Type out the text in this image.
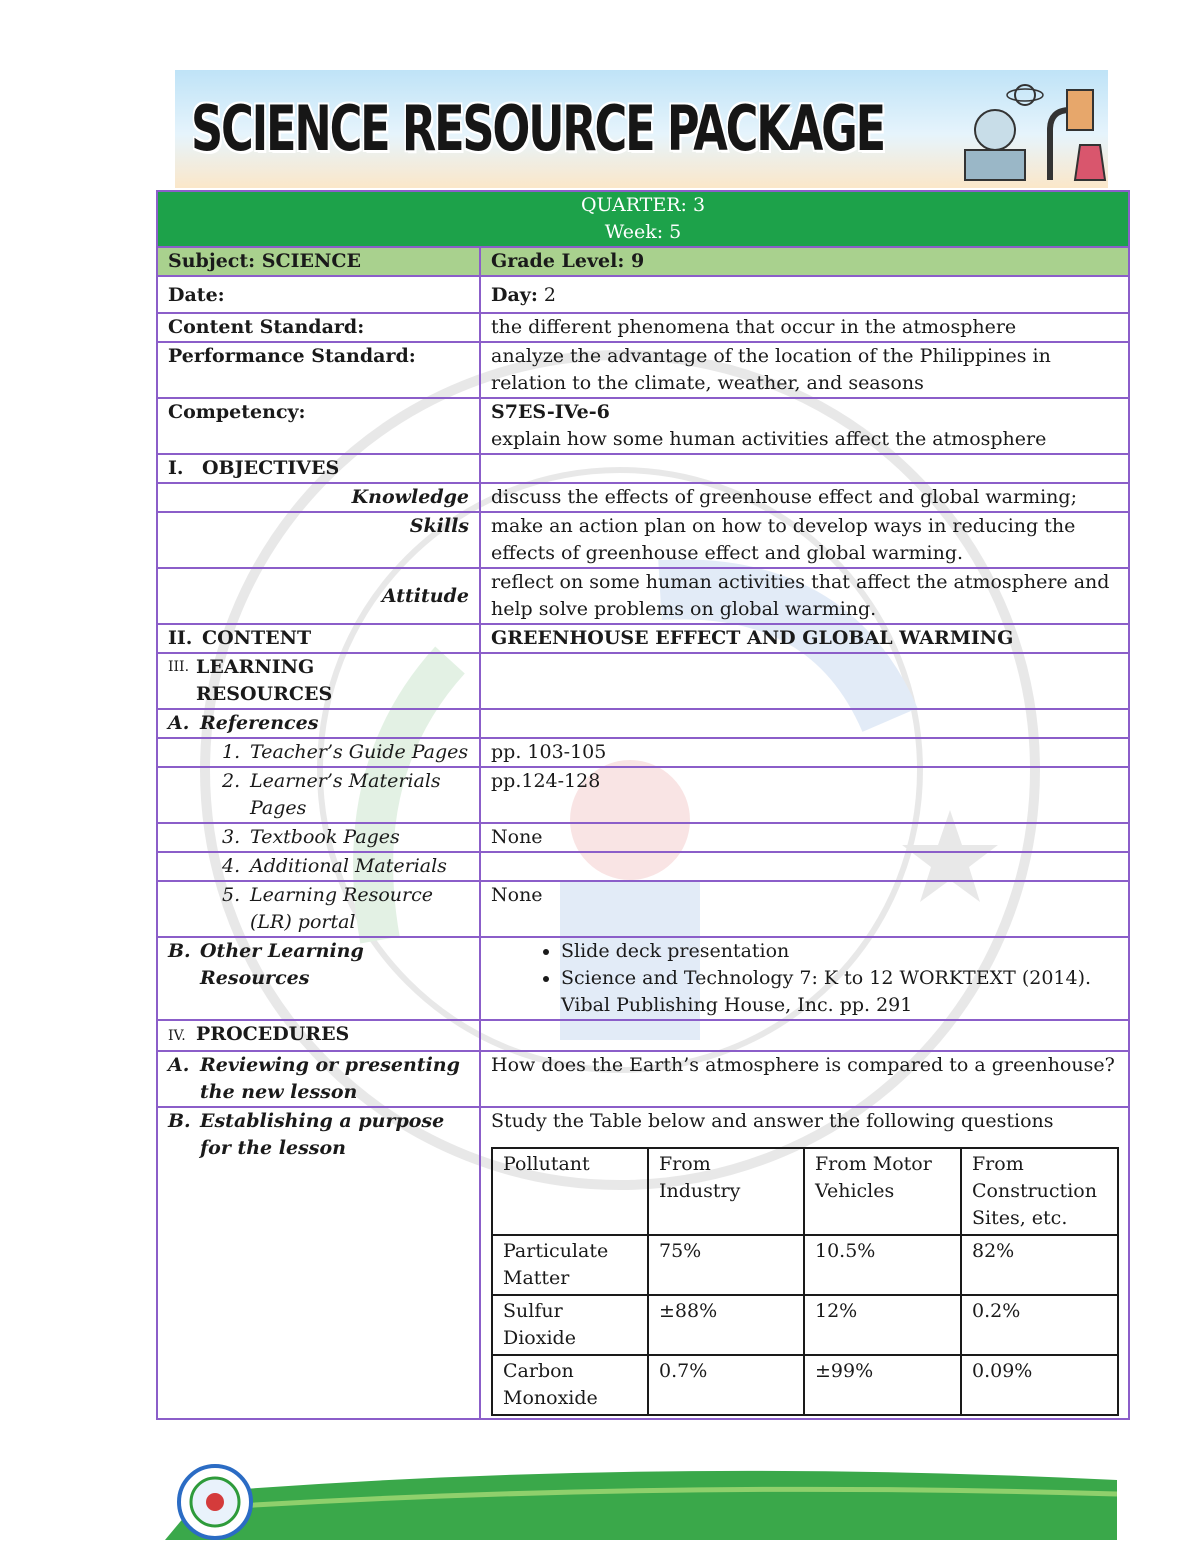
SCIENCE RESOURCE PACKAGE
QUARTER: 3
Week: 5

Subject: SCIENCE	Grade Level: 9
Date:	Day: 2
Content Standard:	the different phenomena that occur in the atmosphere
Performance Standard:	analyze the advantage of the location of the Philippines in relation to the climate, weather, and seasons
Competency:	S7ES-IVe-6
explain how some human activities affect the atmosphere

I. OBJECTIVES	
Knowledge	discuss the effects of greenhouse effect and global warming;
Skills	make an action plan on how to develop ways in reducing the effects of greenhouse effect and global warming.
Attitude	reflect on some human activities that affect the atmosphere and help solve problems on global warming.
II. CONTENT	GREENHOUSE EFFECT AND GLOBAL WARMING

III. LEARNING RESOURCES

A. References	
1. Teacher’s Guide Pages	pp. 103-105
2. Learner’s Materials Pages	pp.124-128
3. Textbook Pages	None
4. Additional Materials	
5. Learning Resource (LR) portal	None
B. Other Learning Resources	
• Slide deck presentation
• Science and Technology 7: K to 12 WORKTEXT (2014). Vibal Publishing House, Inc. pp. 291

IV. PROCEDURES	
A. Reviewing or presenting the new lesson	How does the Earth’s atmosphere is compared to a greenhouse?
B. Establishing a purpose for the lesson	
Study the Table below and answer the following questions
Pollutant	From Industry	From Motor Vehicles	From Construction Sites, etc.
Particulate Matter	75%	10.5%	82%
Sulfur Dioxide	±88%	12%	0.2%
Carbon Monoxide	0.7%	±99%	0.09%
